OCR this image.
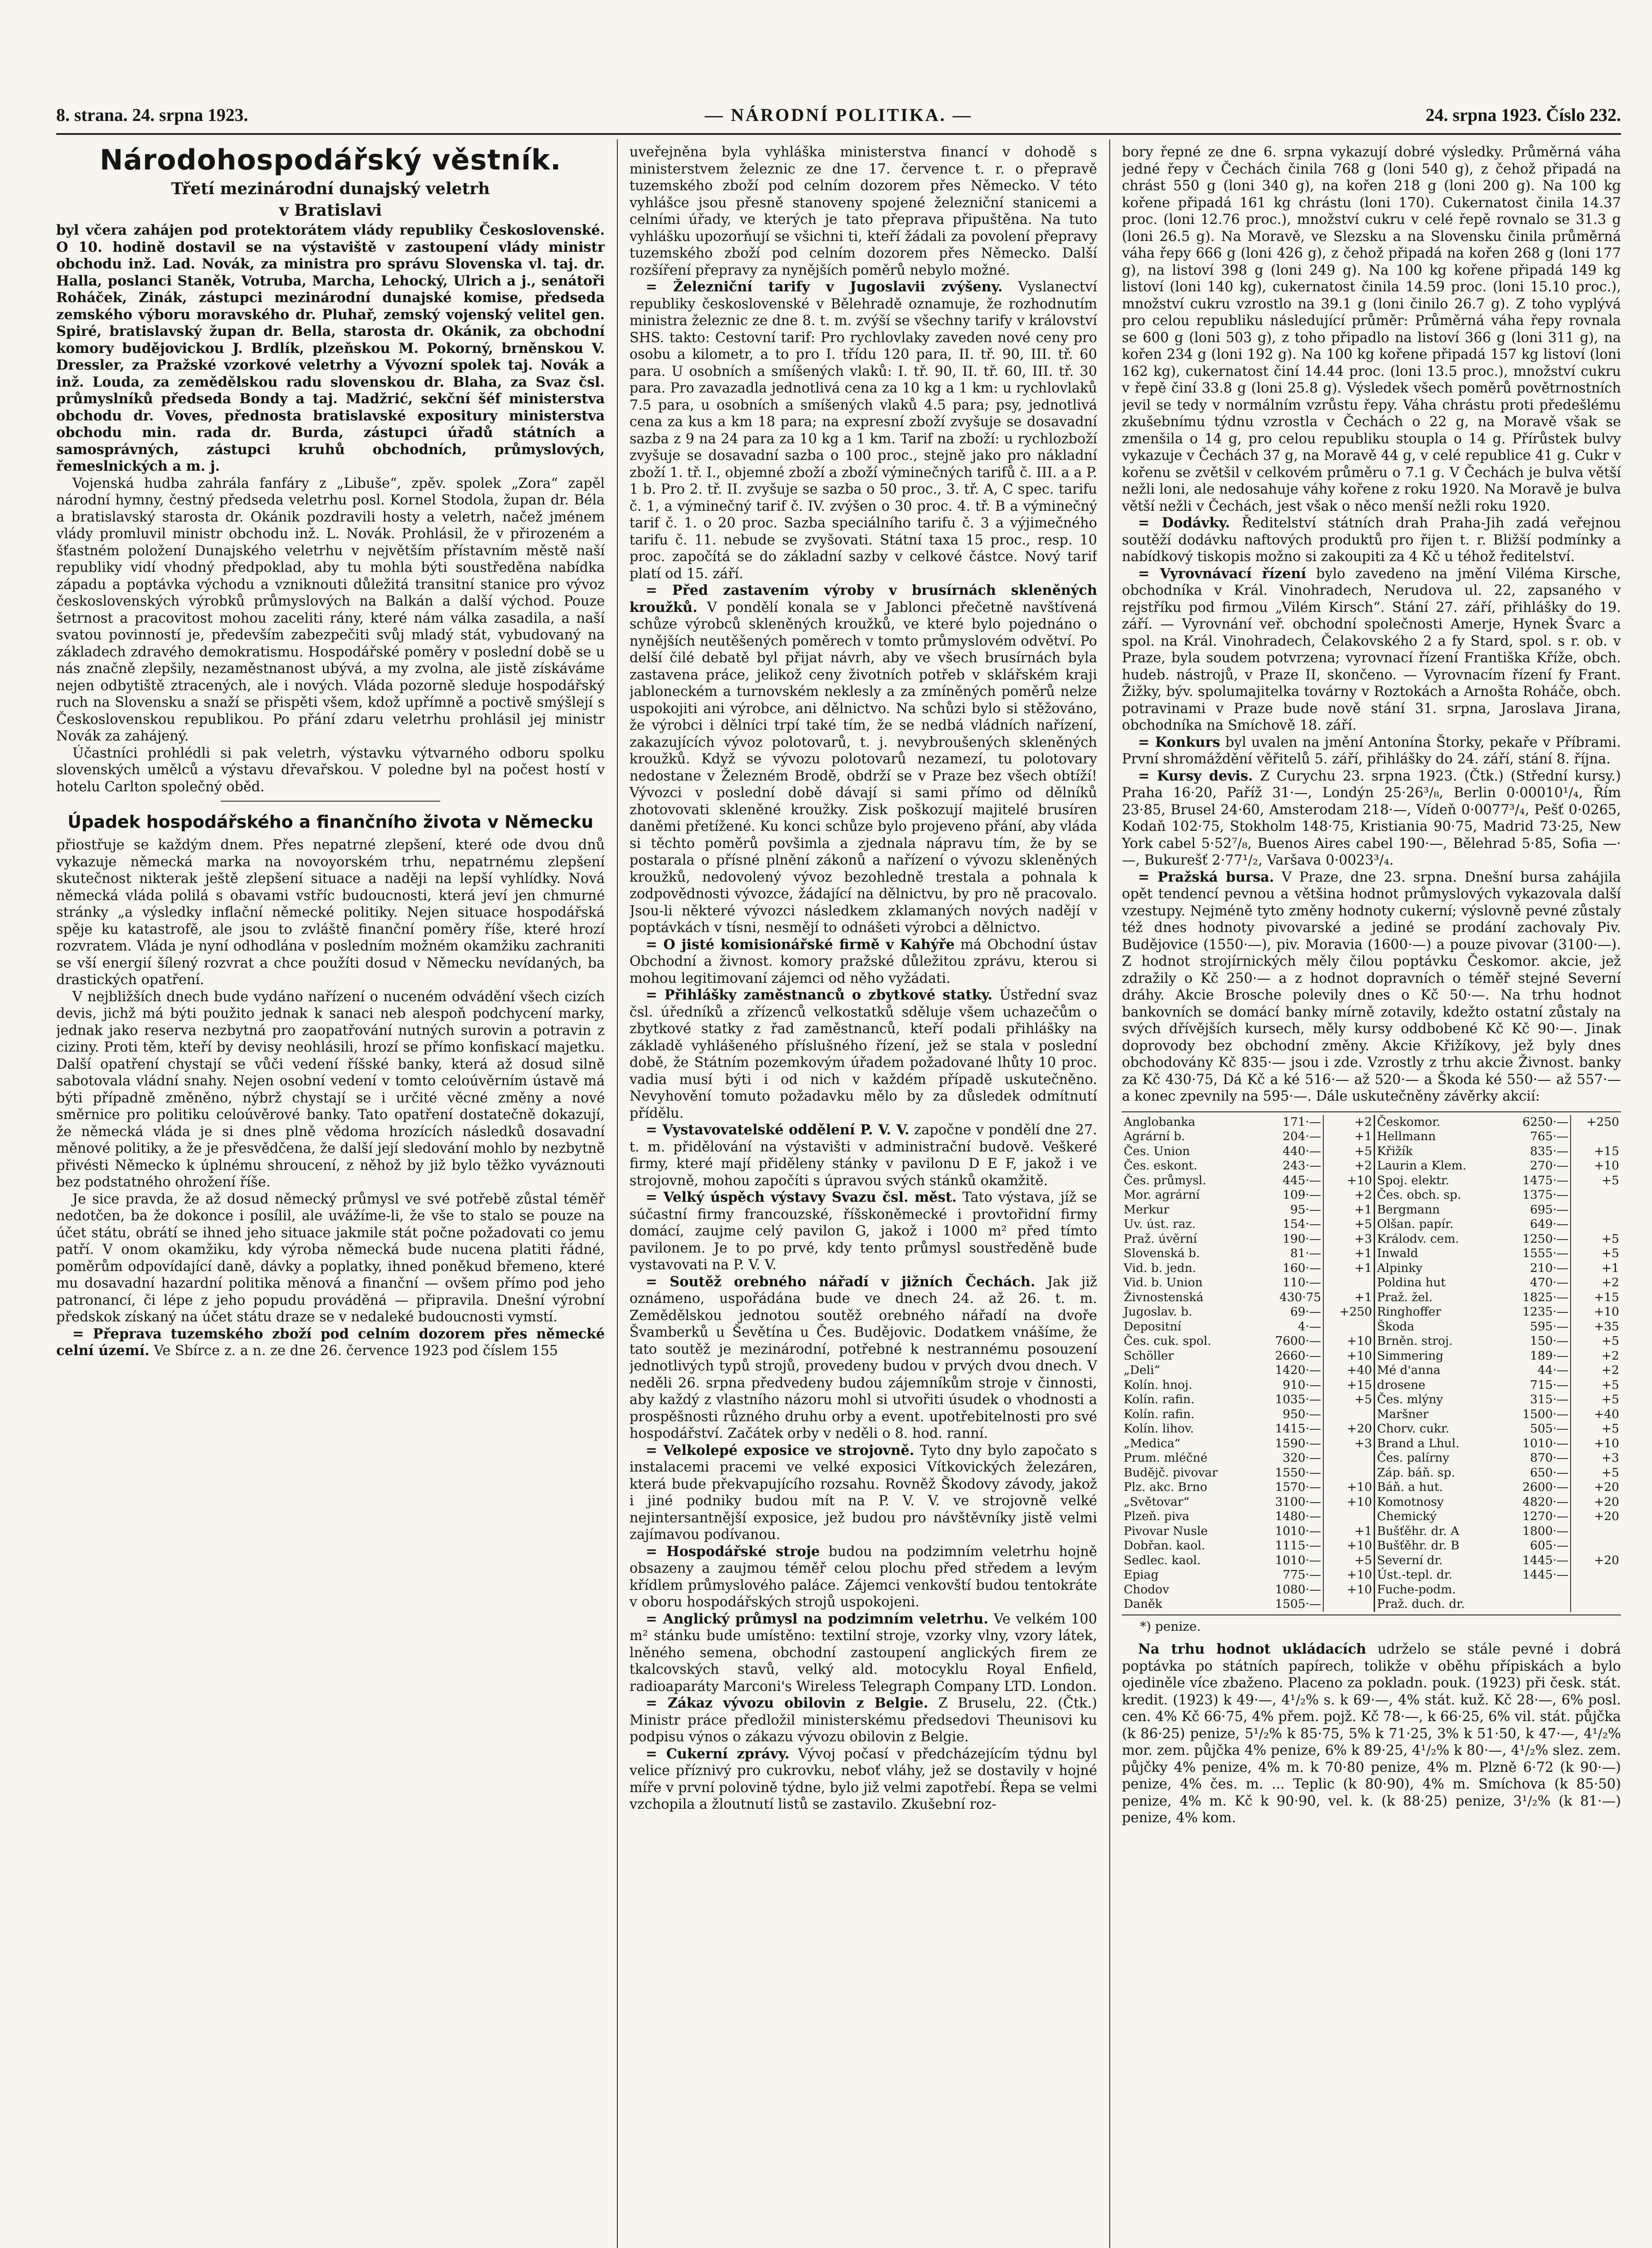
8. strana. 24. srpna 1923.	— NÁRODNÍ POLITIKA. —	24. srpna 1923. Číslo 232.
Národohospodářský věstník.
Třetí mezinárodní dunajský veletrh
v Bratislavi

byl včera zahájen pod protektorátem vlády republiky Československé. O 10. hodině dostavil se na výstaviště v zastoupení vlády ministr obchodu inž. Lad. Novák, za ministra pro správu Slovenska vl. taj. dr. Halla, poslanci Staněk, Votruba, Marcha, Lehocký, Ulrich a j., senátoři Roháček, Zinák, zástupci mezinárodní dunajské komise, předseda zemského výboru moravského dr. Pluhař, zemský vojenský velitel gen. Spiré, bratislavský župan dr. Bella, starosta dr. Okánik, za obchodní komory budějovickou J. Brdlík, plzeňskou M. Pokorný, brněnskou V. Dressler, za Pražské vzorkové veletrhy a Vývozní spolek taj. Novák a inž. Louda, za zemědělskou radu slovenskou dr. Blaha, za Svaz čsl. průmyslníků předseda Bondy a taj. Madžrić, sekční šéf ministerstva obchodu dr. Voves, přednosta bratislavské expositury ministerstva obchodu min. rada dr. Burda, zástupci úřadů státních a samosprávných, zástupci kruhů obchodních, průmyslových, řemeslnických a m. j.

Vojenská hudba zahrála fanfáry z „Libuše“, zpěv. spolek „Zora“ zapěl národní hymny, čestný předseda veletrhu posl. Kornel Stodola, župan dr. Béla a bratislavský starosta dr. Okánik pozdravili hosty a veletrh, načež jménem vlády promluvil ministr obchodu inž. L. Novák. Prohlásil, že v přirozeném a šťastném položení Dunajského veletrhu v největším přístavním městě naší republiky vidí vhodný předpoklad, aby tu mohla býti soustředěna nabídka západu a poptávka východu a vzniknouti důležitá transitní stanice pro vývoz československých výrobků průmyslových na Balkán a další východ. Pouze šetrnost a pracovitost mohou zaceliti rány, které nám válka zasadila, a naší svatou povinností je, především zabezpečiti svůj mladý stát, vybudovaný na základech zdravého demokratismu. Hospodářské poměry v poslední době se u nás značně zlepšily, nezaměstnanost ubývá, a my zvolna, ale jistě získáváme nejen odbytiště ztracených, ale i nových. Vláda pozorně sleduje hospodářský ruch na Slovensku a snaží se přispěti všem, kdož upřímně a poctivě smýšlejí s Československou republikou. Po přání zdaru veletrhu prohlásil jej ministr Novák za zahájený.

Účastníci prohlédli si pak veletrh, výstavku výtvarného odboru spolku slovenských umělců a výstavu dřevařskou. V poledne byl na počest hostí v hotelu Carlton společný oběd.

Úpadek hospodářského a finančního života v Německu

přiostřuje se každým dnem. Přes nepatrné zlepšení, které ode dvou dnů vykazuje německá marka na novoyorském trhu, nepatrnému zlepšení skutečnost nikterak ještě zlepšení situace a naději na lepší vyhlídky. Nová německá vláda polilá s obavami vstříc budoucnosti, která jeví jen chmurné stránky „a výsledky inflační německé politiky. Nejen situace hospodářská spěje ku katastrofě, ale jsou to zvláště finanční poměry říše, které hrozí rozvratem. Vláda je nyní odhodlána v posledním možném okamžiku zachraniti se vší energií šílený rozvrat a chce použíti dosud v Německu nevídaných, ba drastických opatření.

V nejbližších dnech bude vydáno nařízení o nuceném odvádění všech cizích devis, jichž má býti použito jednak k sanaci neb alespoň podchycení marky, jednak jako reserva nezbytná pro zaopatřování nutných surovin a potravin z ciziny. Proti těm, kteří by devisy neohlásili, hrozí se přímo konfiskací majetku. Další opatření chystají se vůči vedení říšské banky, která až dosud silně sabotovala vládní snahy. Nejen osobní vedení v tomto celoúvěrním ústavě má býti případně změněno, nýbrž chystají se i určité věcné změny a nové směrnice pro politiku celoúvěrové banky. Tato opatření dostatečně dokazují, že německá vláda je si dnes plně vědoma hrozících následků dosavadní měnové politiky, a že je přesvědčena, že další její sledování mohlo by nezbytně přivésti Německo k úplnému shroucení, z něhož by již bylo těžko vyváznouti bez podstatného ohrožení říše.

Je sice pravda, že až dosud německý průmysl ve své potřebě zůstal téměř nedotčen, ba že dokonce i posílil, ale uvážíme-li, že vše to stalo se pouze na účet státu, obrátí se ihned jeho situace jakmile stát počne požadovati co jemu patří. V onom okamžiku, kdy výroba německá bude nucena platiti řádné, poměrům odpovídající daně, dávky a poplatky, ihned poněkud břemeno, které mu dosavadní hazardní politika měnová a finanční — ovšem přímo pod jeho patronancí, či lépe z jeho popudu prováděná — připravila. Dnešní výrobní předskok získaný na účet státu draze se v nedaleké budoucnosti vymstí.

= Přeprava tuzemského zboží pod celním dozorem přes německé celní území. Ve Sbírce z. a n. ze dne 26. července 1923 pod číslem 155

uveřejněna byla vyhláška ministerstva financí v dohodě s ministerstvem železnic ze dne 17. července t. r. o přepravě tuzemského zboží pod celním dozorem přes Německo. V této vyhlášce jsou přesně stanoveny spojené železniční stanicemi a celními úřady, ve kterých je tato přeprava připuštěna. Na tuto vyhlášku upozorňují se všichni ti, kteří žádali za povolení přepravy tuzemského zboží pod celním dozorem přes Německo. Další rozšíření přepravy za nynějších poměrů nebylo možné.

= Železniční tarify v Jugoslavii zvýšeny. Vyslanectví republiky československé v Bělehradě oznamuje, že rozhodnutím ministra železnic ze dne 8. t. m. zvýší se všechny tarify v království SHS. takto: Cestovní tarif: Pro rychlovlaky zaveden nové ceny pro osobu a kilometr, a to pro I. třídu 120 para, II. tř. 90, III. tř. 60 para. U osobních a smíšených vlaků: I. tř. 90, II. tř. 60, III. tř. 30 para. Pro zavazadla jednotlivá cena za 10 kg a 1 km: u rychlovlaků 7.5 para, u osobních a smíšených vlaků 4.5 para; psy, jednotlivá cena za kus a km 18 para; na expresní zboží zvyšuje se dosavadní sazba z 9 na 24 para za 10 kg a 1 km. Tarif na zboží: u rychlozboží zvyšuje se dosavadní sazba o 100 proc., stejně jako pro nákladní zboží 1. tř. I., objemné zboží a zboží výminečných tarifů č. III. a a P. 1 b. Pro 2. tř. II. zvyšuje se sazba o 50 proc., 3. tř. A, C spec. tarifu č. 1, a výminečný tarif č. IV. zvýšen o 30 proc. 4. tř. B a výminečný tarif č. 1. o 20 proc. Sazba speciálního tarifu č. 3 a výjimečného tarifu č. 11. nebude se zvyšovati. Státní taxa 15 proc., resp. 10 proc. započítá se do základní sazby v celkové částce. Nový tarif platí od 15. září.

= Před zastavením výroby v brusírnách skleněných kroužků. V pondělí konala se v Jablonci přečetně navštívená schůze výrobců skleněných kroužků, ve které bylo pojednáno o nynějších neutěšených poměrech v tomto průmyslovém odvětví. Po delší čilé debatě byl přijat návrh, aby ve všech brusírnách byla zastavena práce, jelikož ceny životních potřeb v sklářském kraji jabloneckém a turnovském neklesly a za zmíněných poměrů nelze uspokojiti ani výrobce, ani dělnictvo. Na schůzi bylo si stěžováno, že výrobci i dělníci trpí také tím, že se nedbá vládních nařízení, zakazujících vývoz polotovarů, t. j. nevybroušených skleněných kroužků. Když se vývozu polotovarů nezamezí, tu polotovary nedostane v Železném Brodě, obdrží se v Praze bez všech obtíží! Vývozci v poslední době dávají si sami přímo od dělníků zhotovovati skleněné kroužky. Zisk poškozují majitelé brusíren daněmi přetížené. Ku konci schůze bylo projeveno přání, aby vláda si těchto poměrů povšimla a zjednala nápravu tím, že by se postarala o přísné plnění zákonů a nařízení o vývozu skleněných kroužků, nedovolený vývoz bezohledně trestala a pohnala k zodpovědnosti vývozce, žádající na dělnictvu, by pro ně pracovalo. Jsou-li některé vývozci následkem zklamaných nových nadějí v poptávkách v tísni, nesmějí to odnášeti výrobci a dělnictvo.

= O jisté komisionářské firmě v Kahýře má Obchodní ústav Obchodní a živnost. komory pražské důležitou zprávu, kterou si mohou legitimovaní zájemci od něho vyžádati.

= Přihlášky zaměstnanců o zbytkové statky. Ústřední svaz čsl. úředníků a zřízenců velkostatků sděluje všem uchazečům o zbytkové statky z řad zaměstnanců, kteří podali přihlášky na základě vyhlášeného příslušného řízení, jež se stala v poslední době, že Státním pozemkovým úřadem požadované lhůty 10 proc. vadia musí býti i od nich v každém případě uskutečněno. Nevyhovění tomuto požadavku mělo by za důsledek odmítnutí přídělu.

= Vystavovatelské oddělení P. V. V. započne v pondělí dne 27. t. m. přidělování na výstavišti v administrační budově. Veškeré firmy, které mají přiděleny stánky v pavilonu D E F, jakož i ve strojovně, mohou započíti s úpravou svých stánků okamžitě.

= Velký úspěch výstavy Svazu čsl. měst. Tato výstava, jíž se súčastní firmy francouzské, říšskoněmecké i provtořidní firmy domácí, zaujme celý pavilon G, jakož i 1000 m² před tímto pavilonem. Je to po prvé, kdy tento průmysl soustředěně bude vystavovati na P. V. V.

= Soutěž orebného nářadí v jižních Čechách. Jak již oznámeno, uspořádána bude ve dnech 24. až 26. t. m. Zemědělskou jednotou soutěž orebného nářadí na dvoře Švamberků u Ševětína u Čes. Budějovic. Dodatkem vnášíme, že tato soutěž je mezinárodní, potřebné k nestrannému posouzení jednotlivých typů strojů, provedeny budou v prvých dvou dnech. V neděli 26. srpna předvedeny budou zájemníkům stroje v činnosti, aby každý z vlastního názoru mohl si utvořiti úsudek o vhodnosti a prospěšnosti různého druhu orby a event. upotřebitelnosti pro své hospodářství. Začátek orby v neděli o 8. hod. ranní.

= Velkolepé exposice ve strojovně. Tyto dny bylo započato s instalacemi pracemi ve velké exposici Vítkovických železáren, která bude překvapujícího rozsahu. Rovněž Škodovy závody, jakož i jiné podniky budou mít na P. V. V. ve strojovně velké nejintersantnější exposice, jež budou pro návštěvníky jistě velmi zajímavou podívanou.

= Hospodářské stroje budou na podzimním veletrhu hojně obsazeny a zaujmou téměř celou plochu před středem a levým křídlem průmyslového paláce. Zájemci venkovští budou tentokráte v oboru hospodářských strojů uspokojeni.

= Anglický průmysl na podzimním veletrhu. Ve velkém 100 m² stánku bude umístěno: textilní stroje, vzorky vlny, vzory látek, lněného semena, obchodní zastoupení anglických firem ze tkalcovských stavů, velký ald. motocyklu Royal Enfield, radioaparáty Marconi's Wireless Telegraph Company LTD. London.

= Zákaz vývozu obilovin z Belgie. Z Bruselu, 22. (Čtk.) Ministr práce předložil ministerskému předsedovi Theunisovi ku podpisu výnos o zákazu vývozu obilovin z Belgie.

= Cukerní zprávy. Vývoj počasí v předcházejícím týdnu byl velice příznivý pro cukrovku, neboť vláhy, jež se dostavily v hojné míře v první polovině týdne, bylo již velmi zapotřebí. Řepa se velmi vzchopila a žloutnutí listů se zastavilo. Zkušební roz-

bory řepné ze dne 6. srpna vykazují dobré výsledky. Průměrná váha jedné řepy v Čechách činila 768 g (loni 540 g), z čehož připadá na chrást 550 g (loni 340 g), na kořen 218 g (loni 200 g). Na 100 kg kořene připadá 161 kg chrástu (loni 170). Cukernatost činila 14.37 proc. (loni 12.76 proc.), množství cukru v celé řepě rovnalo se 31.3 g (loni 26.5 g). Na Moravě, ve Slezsku a na Slovensku činila průměrná váha řepy 666 g (loni 426 g), z čehož připadá na kořen 268 g (loni 177 g), na listoví 398 g (loni 249 g). Na 100 kg kořene připadá 149 kg listoví (loni 140 kg), cukernatost činila 14.59 proc. (loni 15.10 proc.), množství cukru vzrostlo na 39.1 g (loni činilo 26.7 g). Z toho vyplývá pro celou republiku následující průměr: Průměrná váha řepy rovnala se 600 g (loni 503 g), z toho připadlo na listoví 366 g (loni 311 g), na kořen 234 g (loni 192 g). Na 100 kg kořene připadá 157 kg listoví (loni 162 kg), cukernatost činí 14.44 proc. (loni 13.5 proc.), množství cukru v řepě činí 33.8 g (loni 25.8 g). Výsledek všech poměrů povětrnostních jevil se tedy v normálním vzrůstu řepy. Váha chrástu proti předešlému zkušebnímu týdnu vzrostla v Čechách o 22 g, na Moravě však se zmenšila o 14 g, pro celou republiku stoupla o 14 g. Přírůstek bulvy vykazuje v Čechách 37 g, na Moravě 44 g, v celé republice 41 g. Cukr v kořenu se zvětšil v celkovém průměru o 7.1 g. V Čechách je bulva větší nežli loni, ale nedosahuje váhy kořene z roku 1920. Na Moravě je bulva větší nežli v Čechách, jest však o něco menší nežli roku 1920.

= Dodávky. Ředitelství státních drah Praha-Jih zadá veřejnou soutěží dodávku naftových produktů pro řijen t. r. Bližší podmínky a nabídkový tiskopis možno si zakoupiti za 4 Kč u téhož ředitelství.

= Vyrovnávací řízení bylo zavedeno na jmění Viléma Kirsche, obchodníka v Král. Vinohradech, Nerudova ul. 22, zapsaného v rejstříku pod firmou „Vilém Kirsch“. Stání 27. září, přihlášky do 19. září. — Vyrovnání veř. obchodní společnosti Amerje, Hynek Švarc a spol. na Král. Vinohradech, Čelakovského 2 a fy Stard, spol. s r. ob. v Praze, byla soudem potvrzena; vyrovnací řízení Františka Kříže, obch. hudeb. nástrojů, v Praze II, skončeno. — Vyrovnacím řízení fy Frant. Žižky, býv. spolumajitelka továrny v Roztokách a Arnošta Roháče, obch. potravinami v Praze bude nově stání 31. srpna, Jaroslava Jirana, obchodníka na Smíchově 18. září.

= Konkurs byl uvalen na jmění Antonína Štorky, pekaře v Příbrami. První shromáždění věřitelů 5. září, přihlášky do 24. září, stání 8. října.

= Kursy devis. Z Curychu 23. srpna 1923. (Čtk.) (Střední kursy.) Praha 16·20, Paříž 31·—, Londýn 25·26³/₈, Berlin 0·00010¹/₄, Řím 23·85, Brusel 24·60, Amsterodam 218·—, Vídeň 0·0077³/₄, Pešť 0·0265, Kodaň 102·75, Stokholm 148·75, Kristiania 90·75, Madrid 73·25, New York cabel 5·52⁷/₈, Buenos Aires cabel 190·—, Bělehrad 5·85, Sofia —·—, Bukurešť 2·77¹/₂, Varšava 0·0023³/₄.

= Pražská bursa. V Praze, dne 23. srpna. Dnešní bursa zahájila opět tendencí pevnou a většina hodnot průmyslových vykazovala další vzestupy. Nejméně tyto změny hodnoty cukerní; výslovně pevné zůstaly též dnes hodnoty pivovarské a jediné se prodání zachovaly Piv. Budějovice (1550·—), piv. Moravia (1600·—) a pouze pivovar (3100·—). Z hodnot strojírnických měly čilou poptávku Českomor. akcie, jež zdražily o Kč 250·— a z hodnot dopravních o téměř stejné Severní dráhy. Akcie Brosche polevily dnes o Kč 50·—. Na trhu hodnot bankovních se domácí banky mírně zotavily, kdežto ostatní zůstaly na svých dřívějších kursech, měly kursy oddbobené Kč Kč 90·—. Jinak doprovody bez obchodní změny. Akcie Křižíkovy, jež byly dnes obchodovány Kč 835·— jsou i zde. Vzrostly z trhu akcie Živnost. banky za Kč 430·75, Dá Kč a ké 516·— až 520·— a Škoda ké 550·— až 557·— a konec zpevnily na 595·—. Dále uskutečněny závěrky akcií:

Anglobanka	171·—	+2	Českomor.	6250·—	+250
Agrární b.	204·—	+1	Hellmann	765·—	
Čes. Union	440·—	+5	Křižík	835·—	+15
Čes. eskont.	243·—	+2	Laurin a Klem.	270·—	+10
Čes. průmysl.	445·—	+10	Spoj. elektr.	1475·—	+5
Mor. agrární	109·—	+2	Čes. obch. sp.	1375·—	
Merkur	95·—	+1	Bergmann	695·—	
Uv. úst. raz.	154·—	+5	Olšan. papír.	649·—	
Praž. úvěrní	190·—	+3	Králodv. cem.	1250·—	+5
Slovenská b.	81·—	+1	Inwald	1555·—	+5
Vid. b. jedn.	160·—	+1	Alpinky	210·—	+1
Vid. b. Union	110·—		Poldina hut	470·—	+2
Živnostenská	430·75	+1	Praž. žel.	1825·—	+15
Jugoslav. b.	69·—	+250	Ringhoffer	1235·—	+10
Depositní	4·—		Škoda	595·—	+35
Čes. cuk. spol.	7600·—	+10	Brněn. stroj.	150·—	+5
Schöller	2660·—	+10	Simmering	189·—	+2
„Deli“	1420·—	+40	Mé d'anna	44·—	+2
Kolín. hnoj.	910·—	+15	drosene	715·—	+5
Kolín. rafin.	1035·—	+5	Čes. mlýny	315·—	+5
Kolín. rafin.	950·—		Maršner	1500·—	+40
Kolín. lihov.	1415·—	+20	Chorv. cukr.	505·—	+5
„Medica“	1590·—	+3	Brand a Lhul.	1010·—	+10
Prum. mléčné	320·—		Čes. palírny	870·—	+3
Budějč. pivovar	1550·—		Záp. báň. sp.	650·—	+5
Plz. akc. Brno	1570·—	+10	Báň. a hut.	2600·—	+20
„Světovar“	3100·—	+10	Komotnosy	4820·—	+20
Plzeň. piva	1480·—		Chemický	1270·—	+20
Pivovar Nusle	1010·—	+1	Bušťěhr. dr. A	1800·—	
Dobřan. kaol.	1115·—	+10	Bušťěhr. dr. B	605·—	
Sedlec. kaol.	1010·—	+5	Severní dr.	1445·—	+20
Epiag	775·—	+10	Úst.-tepl. dr.	1445·—	
Chodov	1080·—	+10	Fuche-podm.		
Daněk	1505·—		Praž. duch. dr.		
*) penize.

Na trhu hodnot ukládacích udrželo se stále pevné i dobrá poptávka po státních papírech, tolikže v oběhu přípiskách a bylo ojediněle více zbaženo. Placeno za pokladn. pouk. (1923) při česk. stát. kredit. (1923) k 49·—, 4¹/₂% s. k 69·—, 4% stát. kuž. Kč 28·—, 6% posl. cen. 4% Kč 66·75, 4% přem. pojž. Kč 78·—, k 66·25, 6% vil. stát. půjčka (k 86·25) penize, 5¹/₂% k 85·75, 5% k 71·25, 3% k 51·50, k 47·—, 4¹/₂% mor. zem. půjčka 4% penize, 6% k 89·25, 4¹/₂% k 80·—, 4¹/₂% slez. zem. půjčky 4% penize, 4% m. k 70·80 penize, 4% m. Plzně 6·72 (k 90·—) penize, 4% čes. m. ... Teplic (k 80·90), 4% m. Smíchova (k 85·50) penize, 4% m. Kč k 90·90, vel. k. (k 88·25) penize, 3¹/₂% (k 81·—) penize, 4% kom.
